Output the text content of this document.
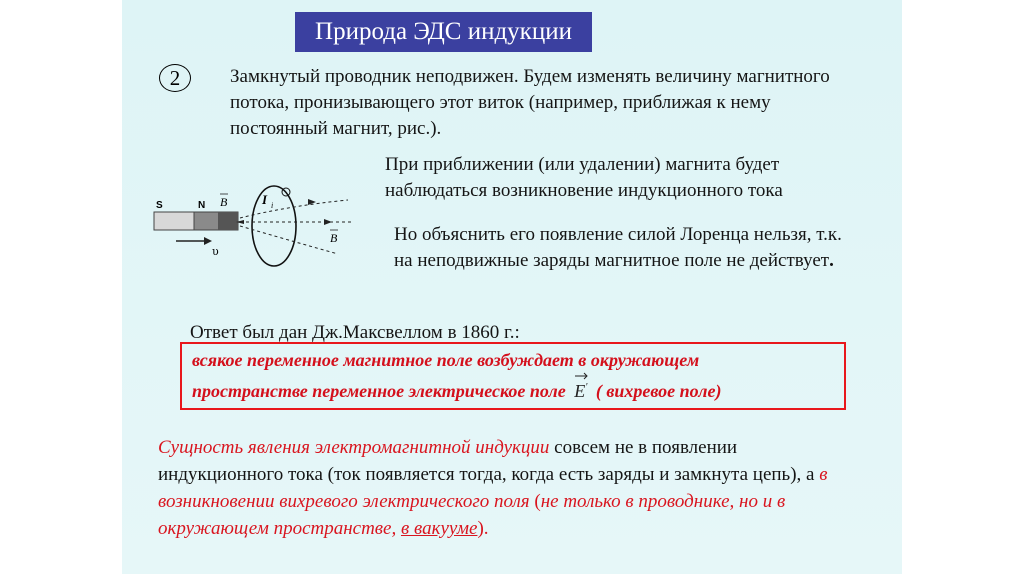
Природа ЭДС индукции
2	Замкнутый проводник неподвижен. Будем изменять величину магнитного потока, пронизывающего этот виток (например, приближая к нему постоянный магнит, рис.).
При приближении (или удалении) магнита будет наблюдаться возникновение индукционного тока
Но объяснить его появление силой Лоренца нельзя, т.к. на неподвижные заряды магнитное поле не действует.
Ответ был дан Дж.Максвеллом в 1860 г.:
всякое переменное магнитное поле возбуждает в окружающем
пространстве переменное электрическое поле E' ( вихревое поле)
Сущность явления электромагнитной индукции совсем не в появлении индукционного тока (ток появляется тогда, когда есть заряды и замкнута цепь), а в возникновении вихревого электрического поля (не только в проводнике, но и в окружающем пространстве, в вакууме).
S	N
υ
B	I i
B
